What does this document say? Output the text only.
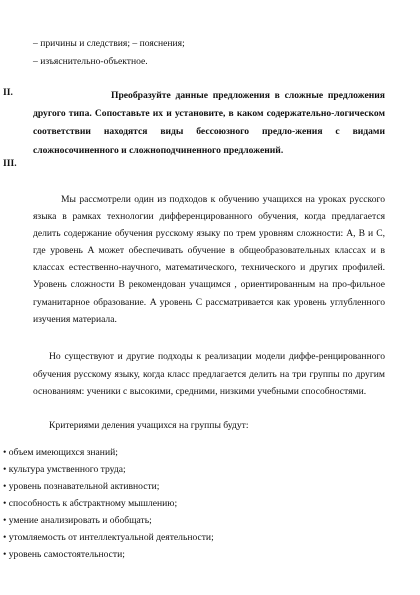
– причины и следствия; – пояснения;
– изъяснительно-объектное.
II.	Преобразуйте данные предложения в сложные предложения другого типа. Сопоставьте их и установите, в каком содержательно-логическом соответствии находятся виды бессоюзного предло-жения с видами сложносочиненного и сложноподчиненного предложений.
III.
Мы рассмотрели один из подходов к обучению учащихся на уроках русского языка в рамках технологии дифференцированного обучения, когда предлагается делить содержание обучения русскому языку по трем уровням сложности: A, B и C, где уровень A может обеспечивать обучение в общеобразовательных классах и в классах естественно-научного, математического, технического и других профилей. Уровень сложности B рекомендован учащимся , ориентированным на про-фильное гуманитарное образование. A уровень C рассматривается как уровень углубленного изучения материала.
Но существуют и другие подходы к реализации модели диффе-ренцированного обучения русскому языку, когда класс предлагается делить на три группы по другим основаниям: ученики с высокими, средними, низкими учебными способностями.
Критериями деления учащихся на группы будут:
• объем имеющихся знаний;
• культура умственного труда;
• уровень познавательной активности;
• способность к абстрактному мышлению;
• умение анализировать и обобщать;
• утомляемость от интеллектуальной деятельности;
• уровень самостоятельности;
